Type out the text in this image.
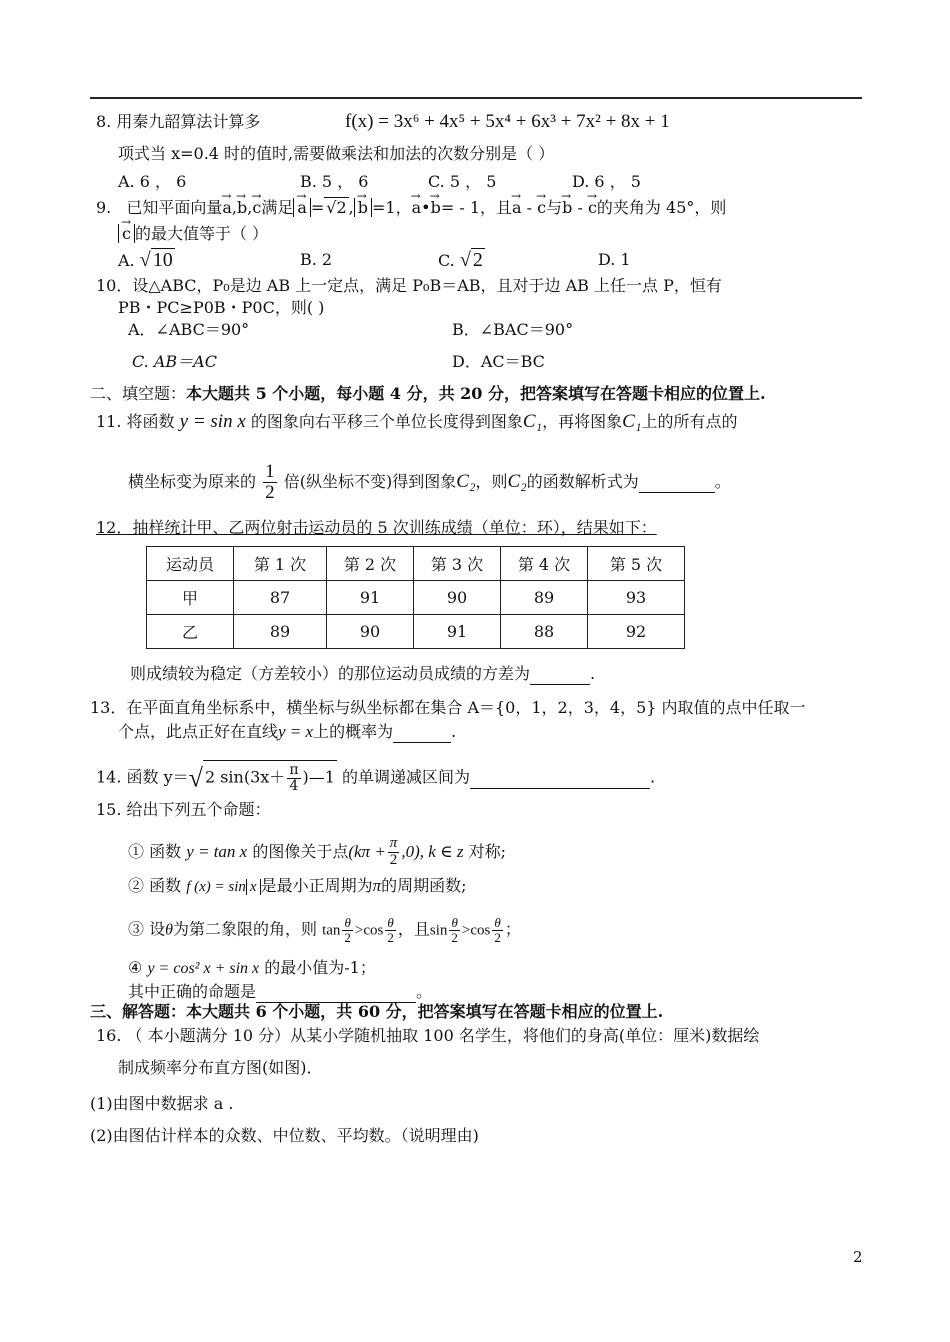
8. 用秦九韶算法计算多	f(x) = 3x⁶ + 4x⁵ + 5x⁴ + 6x³ + 7x² + 8x + 1
项式当 x=0.4 时的值时,需要做乘法和加法的次数分别是（ ）
A. 6 ， 6	B. 5 ， 6	C. 5 ， 5	D. 6 ， 5
9. 已知平面向量→ a,→ b,→ c满足 → a = √2 , → b =1，→ a•→ b= - 1，且→ a - → c与→ b - → c的夹角为 45°，则
→ c 的最大值等于（ ）
A. √ 10	B. 2	C. √ 2	D. 1
10．设△ABC，P₀是边 AB 上一定点，满足 P₀B＝AB，且对于边 AB 上任一点 P，恒有
PB・PC≥P0B・P0C，则( )
A．∠ABC＝90°	B．∠BAC＝90°
C. AB＝AC	D．AC＝BC
二、填空题：本大题共 5 个小题，每小题 4 分，共 20 分，把答案填写在答题卡相应的位置上.
11. 将函数 y = sin x 的图象向右平移三个单位长度得到图象C₁，再将图象C₁上的所有点的
横坐标变为原来的 $\frac{1}{2}$ 倍(纵坐标不变)得到图象C₂，则C₂的函数解析式为	。
12．抽样统计甲、乙两位射击运动员的 5 次训练成绩（单位：环），结果如下：
运动员	第 1 次	第 2 次	第 3 次	第 4 次	第 5 次
甲	87	91	90	89	93
乙	89	90	91	88	92
则成绩较为稳定（方差较小）的那位运动员成绩的方差为	.
13．在平面直角坐标系中，横坐标与纵坐标都在集合 A＝{0，1，2，3，4，5} 内取值的点中任取一
个点，此点正好在直线y = x上的概率为	.
14. 函数 y＝√ 2 $\sin(3x+ \frac{\pi}{4}$ )—1 的单调递减区间为	.
15. 给出下列五个命题：
① 函数 y = tan x 的图像关于点$(k\pi + \frac{\pi}{2} ,0)$, k ∈ z 对称;
② 函数 f (x) = sin x 是最小正周期为π的周期函数;
③ 设θ为第二象限的角，则 $\tan \frac{\theta}{2} >\cos \frac{\theta}{2}$ ，且$\sin \frac{\theta}{2} >\cos \frac{\theta}{2}$ ；
④ y = cos² x + sin x 的最小值为-1；
其中正确的命题是	。
三、解答题：本大题共 6 个小题，共 60 分，把答案填写在答题卡相应的位置上.
16. （ 本小题满分 10 分）从某小学随机抽取 100 名学生，将他们的身高(单位：厘米)数据绘
制成频率分布直方图(如图)．
(1)由图中数据求 a .
(2)由图估计样本的众数、中位数、平均数。（说明理由)
2
